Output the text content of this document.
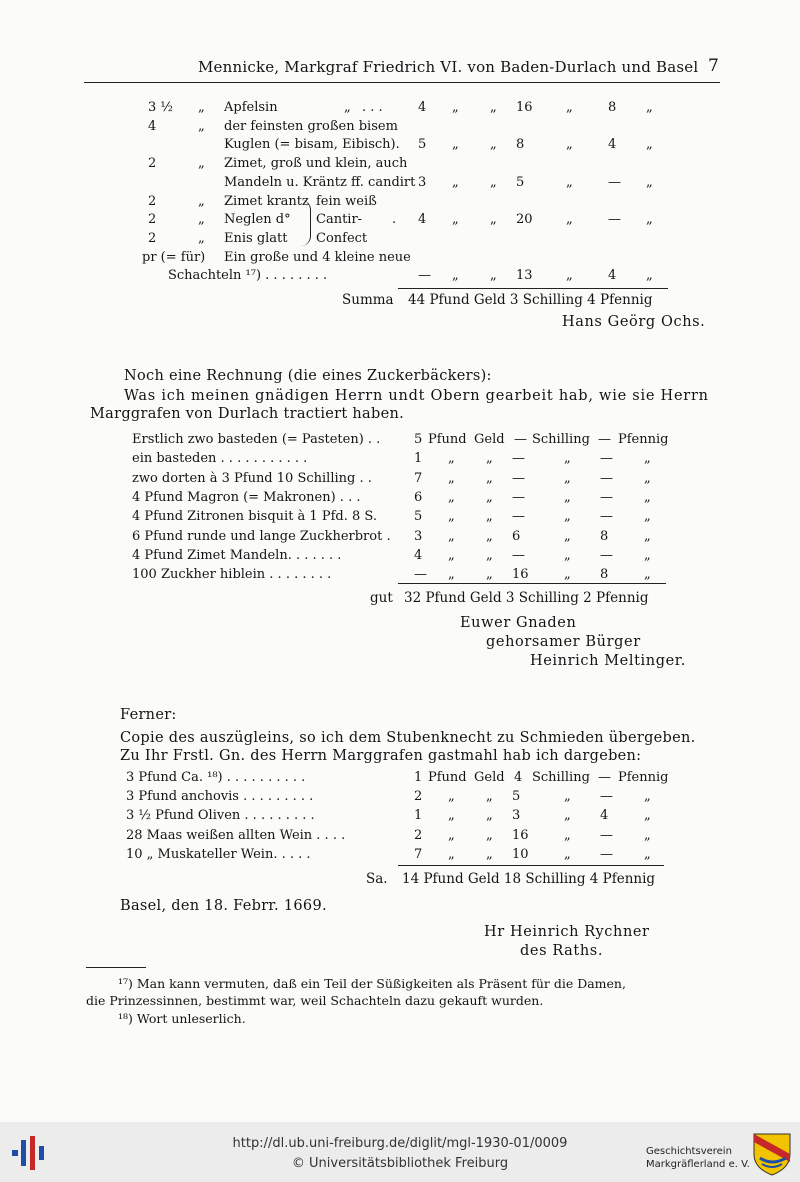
Mennicke, Markgraf Friedrich VI. von Baden-Durlach und Basel 7
3 ½ „ Apfelsin	„ . . .	4 „ „ 16	„	8 „
4	„ der feinsten großen bisem
Kuglen (= bisam, Eibisch). 5 „ „ 8	„	4 „
2	„ Zimet, groß und klein, auch
Mandeln u. Kräntz ff. candirt 3 „ „ 5	„	— „
2	„ Zimet krantz fein weiß
2	„ Neglen d° Cantir- . 4 „ „ 20	„	— „
2	„ Enis glatt Confect
pr (= für) Ein große und 4 kleine neue
Schachteln ¹⁷) . . . . . . . .	— „ „ 13	„	4 „
Summa 44 Pfund Geld 3 Schilling 4 Pfennig
Hans Geörg Ochs.
Noch eine Rechnung (die eines Zuckerbäckers):
Was ich meinen gnädigen Herrn undt Obern gearbeit hab, wie sie Herrn
Marggrafen von Durlach tractiert haben.
Erstlich zwo basteden (= Pasteten) . .	5 Pfund Geld — Schilling — Pfennig
ein basteden . . . . . . . . . . .	1 „ „ —	„ — „
zwo dorten à 3 Pfund 10 Schilling . .	7 „ „ —	„ — „
4 Pfund Magron (= Makronen) . . .	6 „ „ —	„ — „
4 Pfund Zitronen bisquit à 1 Pfd. 8 S.	5 „ „ —	„ — „
6 Pfund runde und lange Zuckherbrot . 3 „ „ 6	„ 8	„
4 Pfund Zimet Mandeln. . . . . . .	4 „ „ —	„ — „
100 Zuckher hiblein . . . . . . . .	— „ „ 16	„ 8	„
gut 32 Pfund Geld 3 Schilling 2 Pfennig
Euwer Gnaden
gehorsamer Bürger
Heinrich Meltinger.
Ferner:
Copie des auszügleins, so ich dem Stubenknecht zu Schmieden übergeben.
Zu Ihr Frstl. Gn. des Herrn Marggrafen gastmahl hab ich dargeben:
3 Pfund Ca. ¹⁸) . . . . . . . . . .	1 Pfund Geld 4 Schilling — Pfennig
3 Pfund anchovis . . . . . . . . .	2 „ „ 5	„ — „
3 ½ Pfund Oliven . . . . . . . . .	1 „ „ 3	„ 4	„
28 Maas weißen allten Wein . . . .	2 „ „ 16	„ — „
10 „ Muskateller Wein. . . . .	7 „ „ 10	„ — „
Sa. 14 Pfund Geld 18 Schilling 4 Pfennig
Basel, den 18. Febrr. 1669.
Hr Heinrich Rychner
des Raths.
¹⁷) Man kann vermuten, daß ein Teil der Süßigkeiten als Präsent für die Damen,
die Prinzessinnen, bestimmt war, weil Schachteln dazu gekauft wurden.
¹⁸) Wort unleserlich.
http://dl.ub.uni-freiburg.de/diglit/mgl-1930-01/0009
© Universitätsbibliothek Freiburg
Geschichtsverein
Markgräflerland e. V.
